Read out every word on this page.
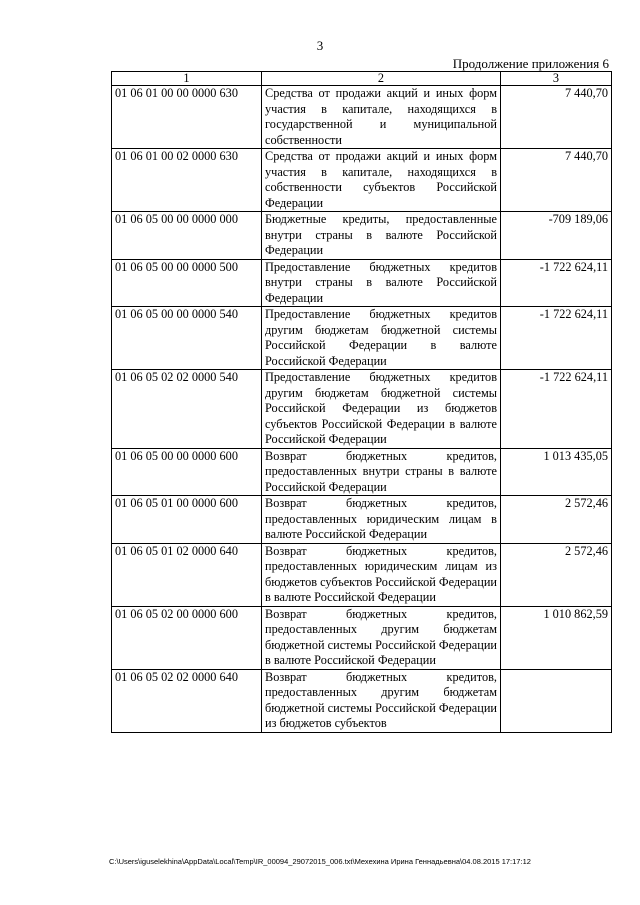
3
Продолжение приложения 6
1	2	3
01 06 01 00 00 0000 630	Средства от продажи акций и иных форм участия в капитале, находящихся в государственной и муниципальной собственности	7 440,70
01 06 01 00 02 0000 630	Средства от продажи акций и иных форм участия в капитале, находящихся в собственности субъектов Российской Федерации	7 440,70
01 06 05 00 00 0000 000	Бюджетные кредиты, предоставленные внутри страны в валюте Российской Федерации	-709 189,06
01 06 05 00 00 0000 500	Предоставление бюджетных кредитов внутри страны в валюте Российской Федерации	-1 722 624,11
01 06 05 00 00 0000 540	Предоставление бюджетных кредитов другим бюджетам бюджетной системы Российской Федерации в валюте Российской Федерации	-1 722 624,11
01 06 05 02 02 0000 540	Предоставление бюджетных кредитов другим бюджетам бюджетной системы Российской Федерации из бюджетов субъектов Российской Федерации в валюте Российской Федерации	-1 722 624,11
01 06 05 00 00 0000 600	Возврат бюджетных кредитов, предоставленных внутри страны в валюте Российской Федерации	1 013 435,05
01 06 05 01 00 0000 600	Возврат бюджетных кредитов, предоставленных юридическим лицам в валюте Российской Федерации	2 572,46
01 06 05 01 02 0000 640	Возврат бюджетных кредитов, предоставленных юридическим лицам из бюджетов субъектов Российской Федерации в валюте Российской Федерации	2 572,46
01 06 05 02 00 0000 600	Возврат бюджетных кредитов, предоставленных другим бюджетам бюджетной системы Российской Федерации в валюте Российской Федерации	1 010 862,59
01 06 05 02 02 0000 640	Возврат бюджетных кредитов, предоставленных другим бюджетам бюджетной системы Российской Федерации из бюджетов субъектов	
C:\Users\iguselekhina\AppData\Local\Temp\IR_00094_29072015_006.txt\Мехехина Ирина Геннадьевна\04.08.2015 17:17:12
